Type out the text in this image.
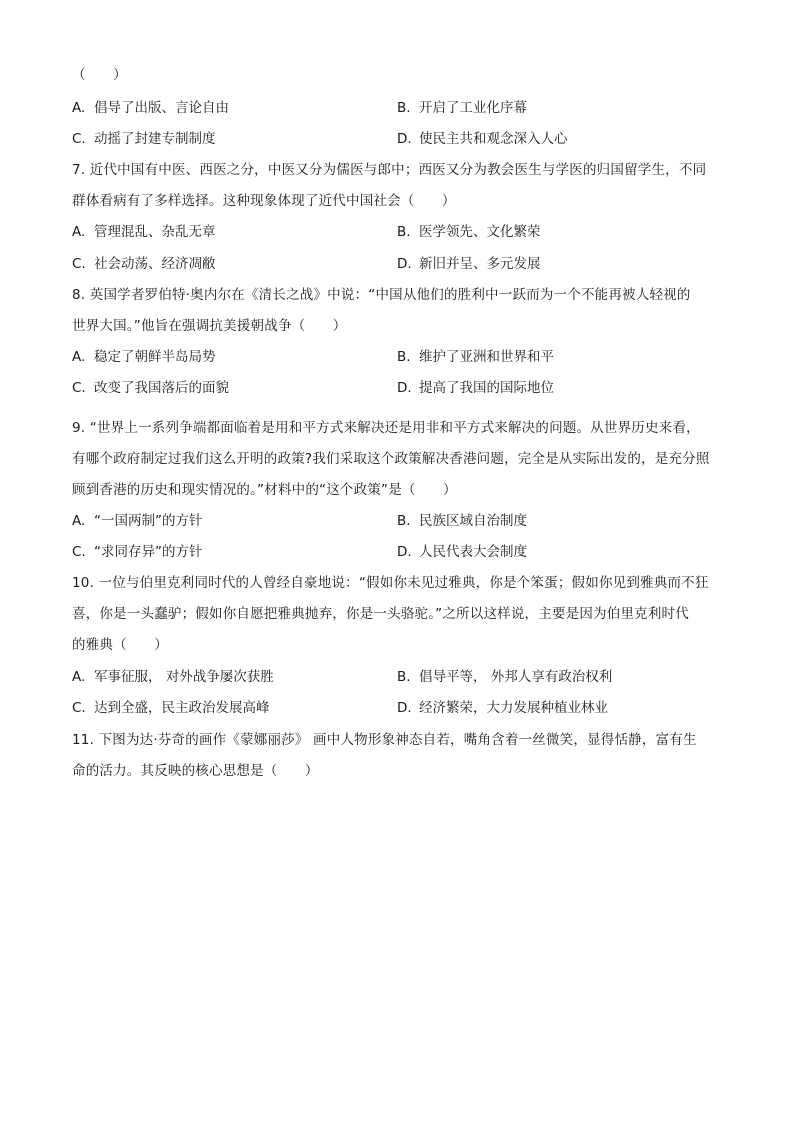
（　　）
A. 倡导了出版、言论自由	B. 开启了工业化序幕
C. 动摇了封建专制制度	D. 使民主共和观念深入人心
7. 近代中国有中医、西医之分，中医又分为儒医与郎中；西医又分为教会医生与学医的归国留学生，不同
群体看病有了多样选择。这种现象体现了近代中国社会（　　）
A. 管理混乱、杂乱无章	B. 医学领先、文化繁荣
C. 社会动荡、经济凋敝	D. 新旧并呈、多元发展
8. 英国学者罗伯特·奥内尔在《清长之战》中说：“中国从他们的胜利中一跃而为一个不能再被人轻视的
世界大国。”他旨在强调抗美援朝战争（　　）
A. 稳定了朝鲜半岛局势	B. 维护了亚洲和世界和平
C. 改变了我国落后的面貌	D. 提高了我国的国际地位
9. “世界上一系列争端都面临着是用和平方式来解决还是用非和平方式来解决的问题。从世界历史来看，
有哪个政府制定过我们这么开明的政策?我们采取这个政策解决香港问题，完全是从实际出发的，是充分照
顾到香港的历史和现实情况的。”材料中的“这个政策”是（　　）
A. “一国两制”的方针	B. 民族区域自治制度
C. “求同存异”的方针	D. 人民代表大会制度
10. 一位与伯里克利同时代的人曾经自豪地说：“假如你未见过雅典，你是个笨蛋；假如你见到雅典而不狂
喜，你是一头蠢驴；假如你自愿把雅典抛弃，你是一头骆驼。”之所以这样说，主要是因为伯里克利时代
的雅典（　　）
A. 军事征服， 对外战争屡次获胜	B. 倡导平等， 外邦人享有政治权利
C. 达到全盛，民主政治发展高峰	D. 经济繁荣，大力发展种植业林业
11. 下图为达·芬奇的画作《蒙娜丽莎》 画中人物形象神态自若，嘴角含着一丝微笑，显得恬静，富有生
命的活力。其反映的核心思想是（　　）
